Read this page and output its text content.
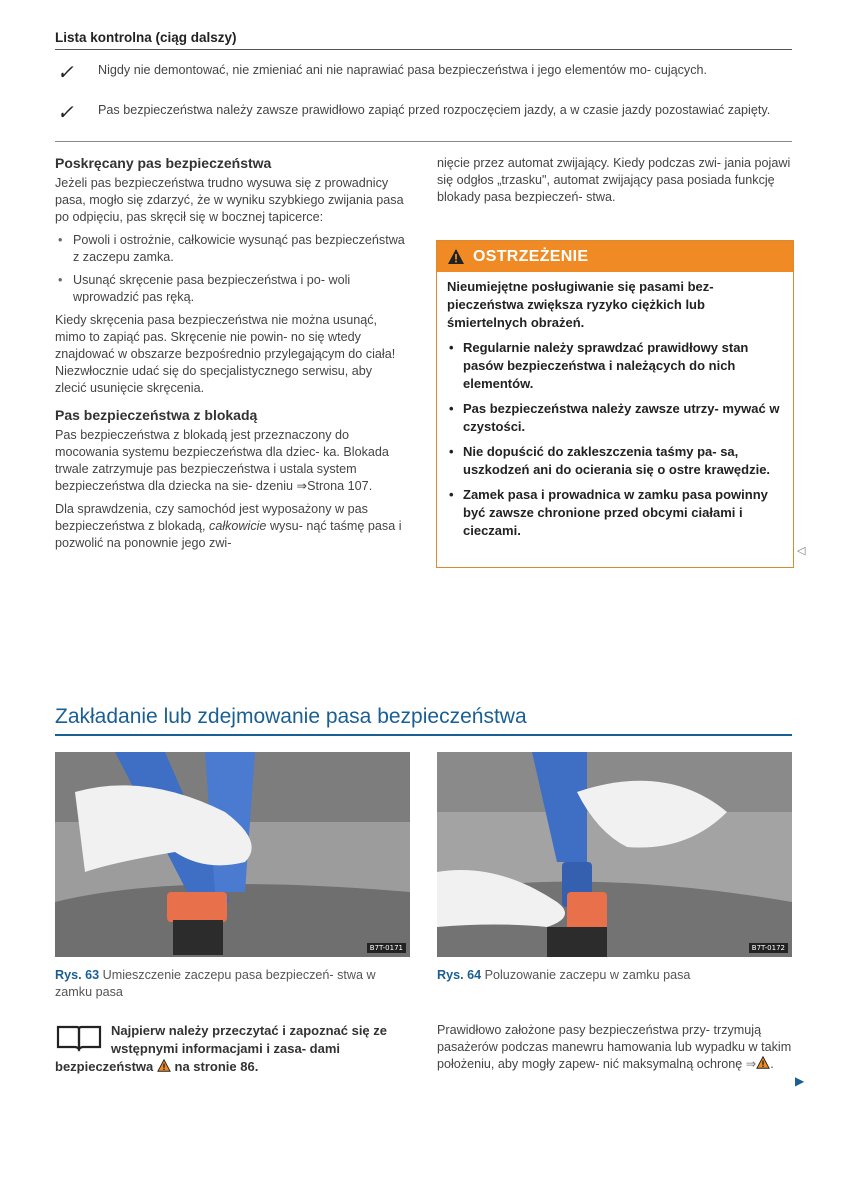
Lista kontrolna (ciąg dalszy)
✓ Nigdy nie demontować, nie zmieniać ani nie naprawiać pasa bezpieczeństwa i jego elementów mo- cujących.
✓ Pas bezpieczeństwa należy zawsze prawidłowo zapiąć przed rozpoczęciem jazdy, a w czasie jazdy pozostawiać zapięty.
Poskręcany pas bezpieczeństwa

Jeżeli pas bezpieczeństwa trudno wysuwa się z prowadnicy pasa, mogło się zdarzyć, że w wyniku szybkiego zwijania pasa po odpięciu, pas skręcił się w bocznej tapicerce:

• Powoli i ostrożnie, całkowicie wysunąć pas bezpieczeństwa z zaczepu zamka.

• Usunąć skręcenie pasa bezpieczeństwa i po- woli wprowadzić pas ręką.

Kiedy skręcenia pasa bezpieczeństwa nie można usunąć, mimo to zapiąć pas. Skręcenie nie powin- no się wtedy znajdować w obszarze bezpośrednio przylegającym do ciała! Niezwłocznie udać się do specjalistycznego serwisu, aby zlecić usunięcie skręcenia.

Pas bezpieczeństwa z blokadą

Pas bezpieczeństwa z blokadą jest przeznaczony do mocowania systemu bezpieczeństwa dla dziec- ka. Blokada trwale zatrzymuje pas bezpieczeństwa i ustala system bezpieczeństwa dla dziecka na sie- dzeniu ⇒Strona 107.

Dla sprawdzenia, czy samochód jest wyposażony w pas bezpieczeństwa z blokadą, całkowicie wysu- nąć taśmę pasa i pozwolić na ponownie jego zwi-

nięcie przez automat zwijający. Kiedy podczas zwi- jania pojawi się odgłos „trzasku", automat zwijający pasa posiada funkcję blokady pasa bezpieczeń- stwa.
OSTRZEŻENIE

Nieumiejętne posługiwanie się pasami bez- pieczeństwa zwiększa ryzyko ciężkich lub śmiertelnych obrażeń.

• Regularnie należy sprawdzać prawidłowy stan pasów bezpieczeństwa i należących do nich elementów.

• Pas bezpieczeństwa należy zawsze utrzy- mywać w czystości.

• Nie dopuścić do zakleszczenia taśmy pa- sa, uszkodzeń ani do ocierania się o ostre krawędzie.

• Zamek pasa i prowadnica w zamku pasa powinny być zawsze chronione przed obcymi ciałami i cieczami.

◁
Zakładanie lub zdejmowanie pasa bezpieczeństwa
B7T-0171
Rys. 63 Umieszczenie zaczepu pasa bezpieczeń- stwa w zamku pasa
B7T-0172
Rys. 64 Poluzowanie zaczepu w zamku pasa
Najpierw należy przeczytać i zapoznać się ze wstępnymi informacjami i zasa- dami bezpieczeństwa na stronie 86.
Prawidłowo założone pasy bezpieczeństwa przy- trzymują pasażerów podczas manewru hamowania lub wypadku w takim położeniu, aby mogły zapew- nić maksymalną ochronę ⇒ .
▶
